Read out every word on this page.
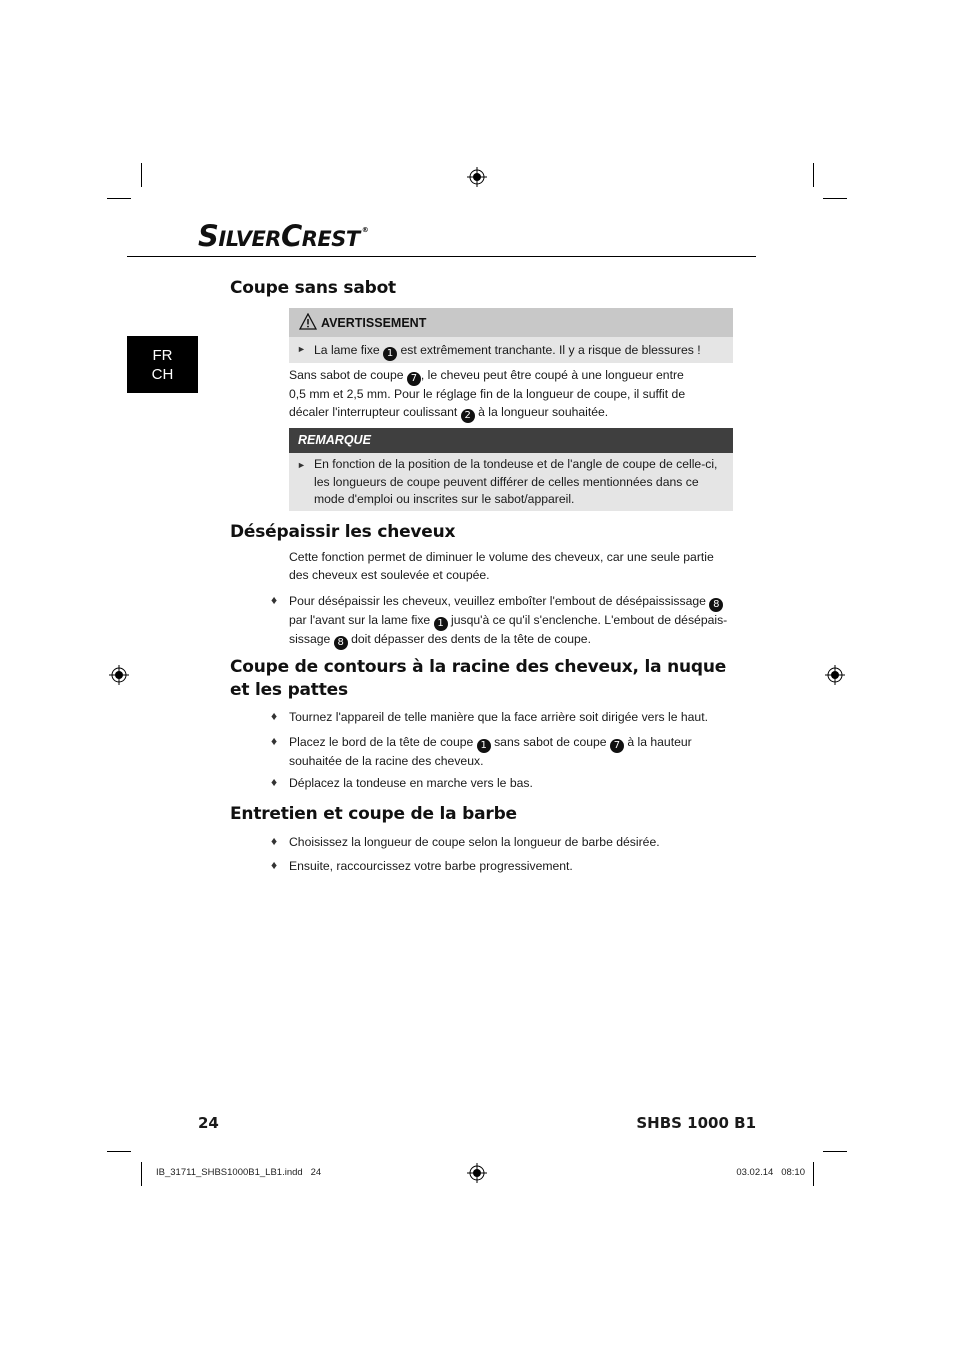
SILVERCREST ®
FR
CH
Coupe sans sabot
AVERTISSEMENT
► La lame fixe 1 est extrêmement tranchante. Il y a risque de blessures !
Sans sabot de coupe 7 , le cheveu peut être coupé à une longueur entre
0,5 mm et 2,5 mm. Pour le réglage fin de la longueur de coupe, il suffit de
décaler l'interrupteur coulissant 2 à la longueur souhaitée.
REMARQUE
► En fonction de la position de la tondeuse et de l'angle de coupe de celle-ci,
les longueurs de coupe peuvent différer de celles mentionnées dans ce
mode d'emploi ou inscrites sur le sabot/appareil.
Désépaissir les cheveux
Cette fonction permet de diminuer le volume des cheveux, car une seule partie
des cheveux est soulevée et coupée.
♦ Pour désépaissir les cheveux, veuillez emboîter l'embout de désépaississage 8
par l'avant sur la lame fixe 1 jusqu'à ce qu'il s'enclenche. L'embout de désépais-
sissage 8 doit dépasser des dents de la tête de coupe.
Coupe de contours à la racine des cheveux, la nuque
et les pattes
♦ Tournez l'appareil de telle manière que la face arrière soit dirigée vers le haut.
♦ Placez le bord de la tête de coupe 1 sans sabot de coupe 7 à la hauteur
souhaitée de la racine des cheveux.
♦ Déplacez la tondeuse en marche vers le bas.
Entretien et coupe de la barbe
♦ Choisissez la longueur de coupe selon la longueur de barbe désirée.
♦ Ensuite, raccourcissez votre barbe progressivement.
24	SHBS 1000 B1
IB_31711_SHBS1000B1_LB1.indd   24	03.02.14   08:10
